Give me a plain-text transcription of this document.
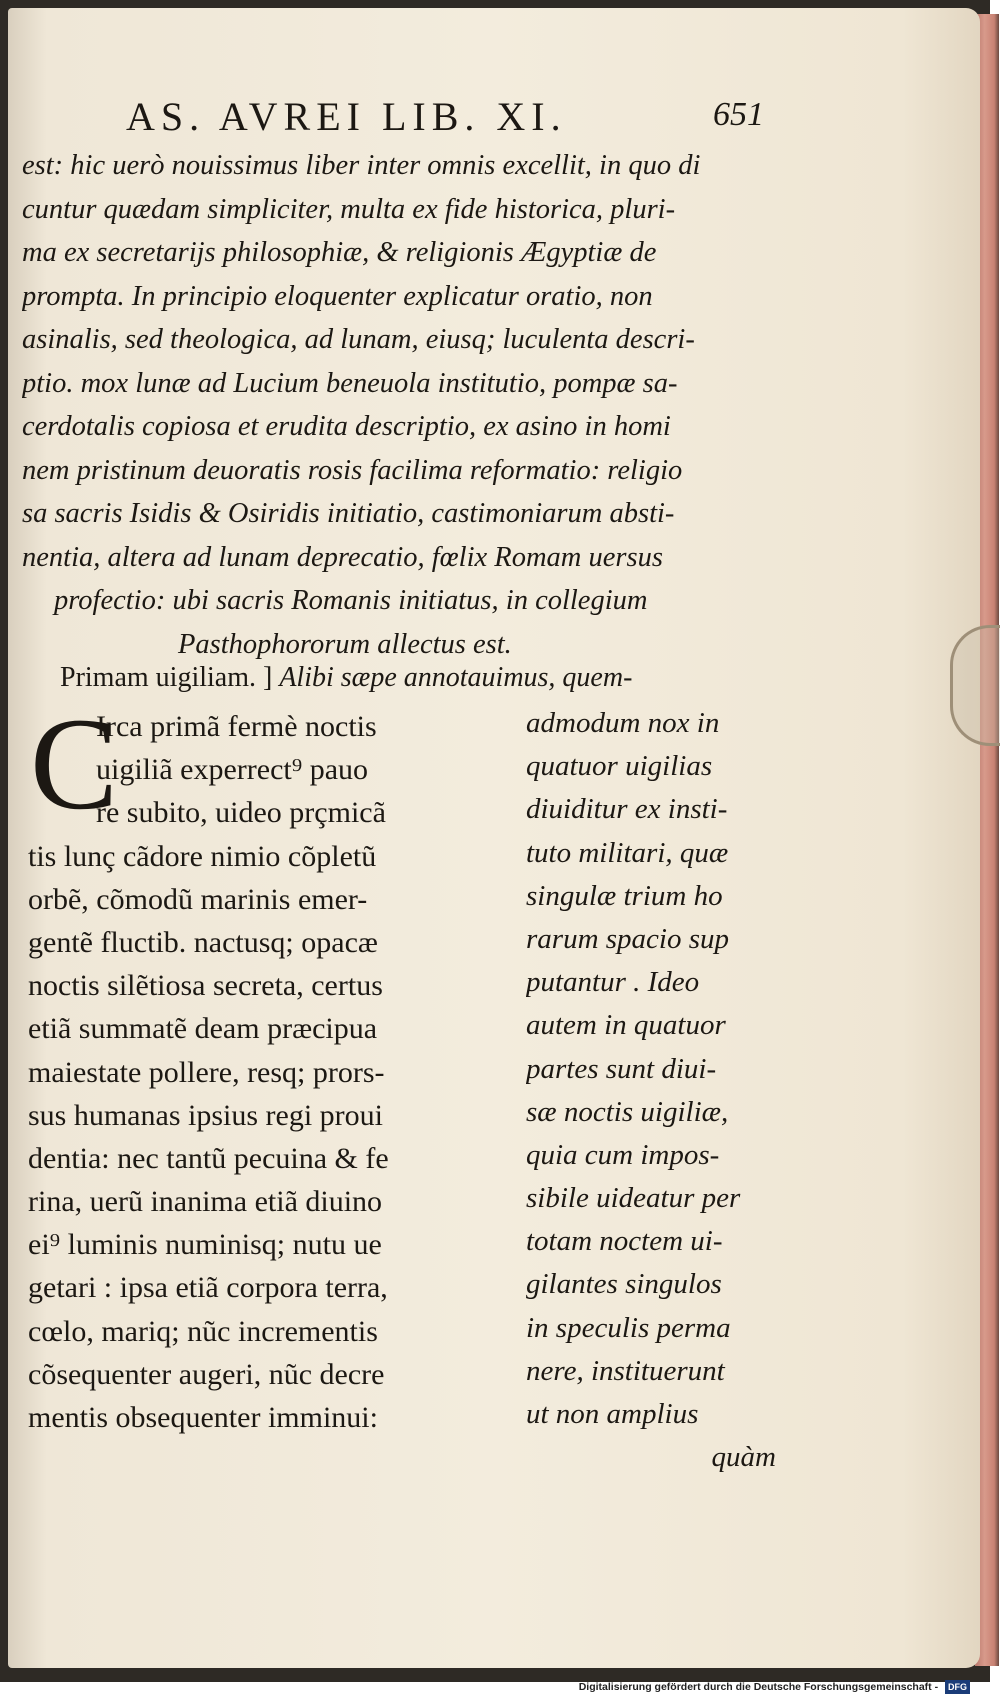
AS. AVREI LIB. XI.	651
est: hic uerò nouissimus liber inter omnis excellit, in quo di
cuntur quædam simpliciter, multa ex fide historica, pluri-
ma ex secretarijs philosophiæ, & religionis Ægyptiæ de
prompta. In principio eloquenter explicatur oratio, non
asinalis, sed theologica, ad lunam, eiusq; luculenta descri-
ptio. mox lunæ ad Lucium beneuola institutio, pompæ sa-
cerdotalis copiosa et erudita descriptio, ex asino in homi
nem pristinum deuoratis rosis facilima reformatio: religio
sa sacris Isidis & Osiridis initiatio, castimoniarum absti-
nentia, altera ad lunam deprecatio, fœlix Romam uersus
profectio: ubi sacris Romanis initiatus, in collegium
Pasthophororum allectus est.
Primam uigiliam. ] Alibi sæpe annotauimus, quem-
C
Irca primã fermè noctis
uigiliã experrect⁹ pauo
re subito, uideo prçmicã
tis lunç cãdore nimio cõpletũ
orbẽ, cõmodũ marinis emer-
gentẽ fluctib. nactusq; opacæ
noctis silẽtiosa secreta, certus
etiã summatẽ deam præcipua
maiestate pollere, resq; prors-
sus humanas ipsius regi proui
dentia: nec tantũ pecuina & fe
rina, uerũ inanima etiã diuino
ei⁹ luminis numinisq; nutu ue
getari : ipsa etiã corpora terra,
cœlo, mariq; nũc incrementis
cõsequenter augeri, nũc decre
mentis obsequenter imminui:
admodum nox in
quatuor uigilias
diuiditur ex insti-
tuto militari, quæ
singulæ trium ho
rarum spacio sup
putantur . Ideo
autem in quatuor
partes sunt diui-
sæ noctis uigiliæ,
quia cum impos-
sibile uideatur per
totam noctem ui-
gilantes singulos
in speculis perma
nere, instituerunt
ut non amplius
quàm
Digitalisierung gefördert durch die Deutsche Forschungsgemeinschaft - DFG
